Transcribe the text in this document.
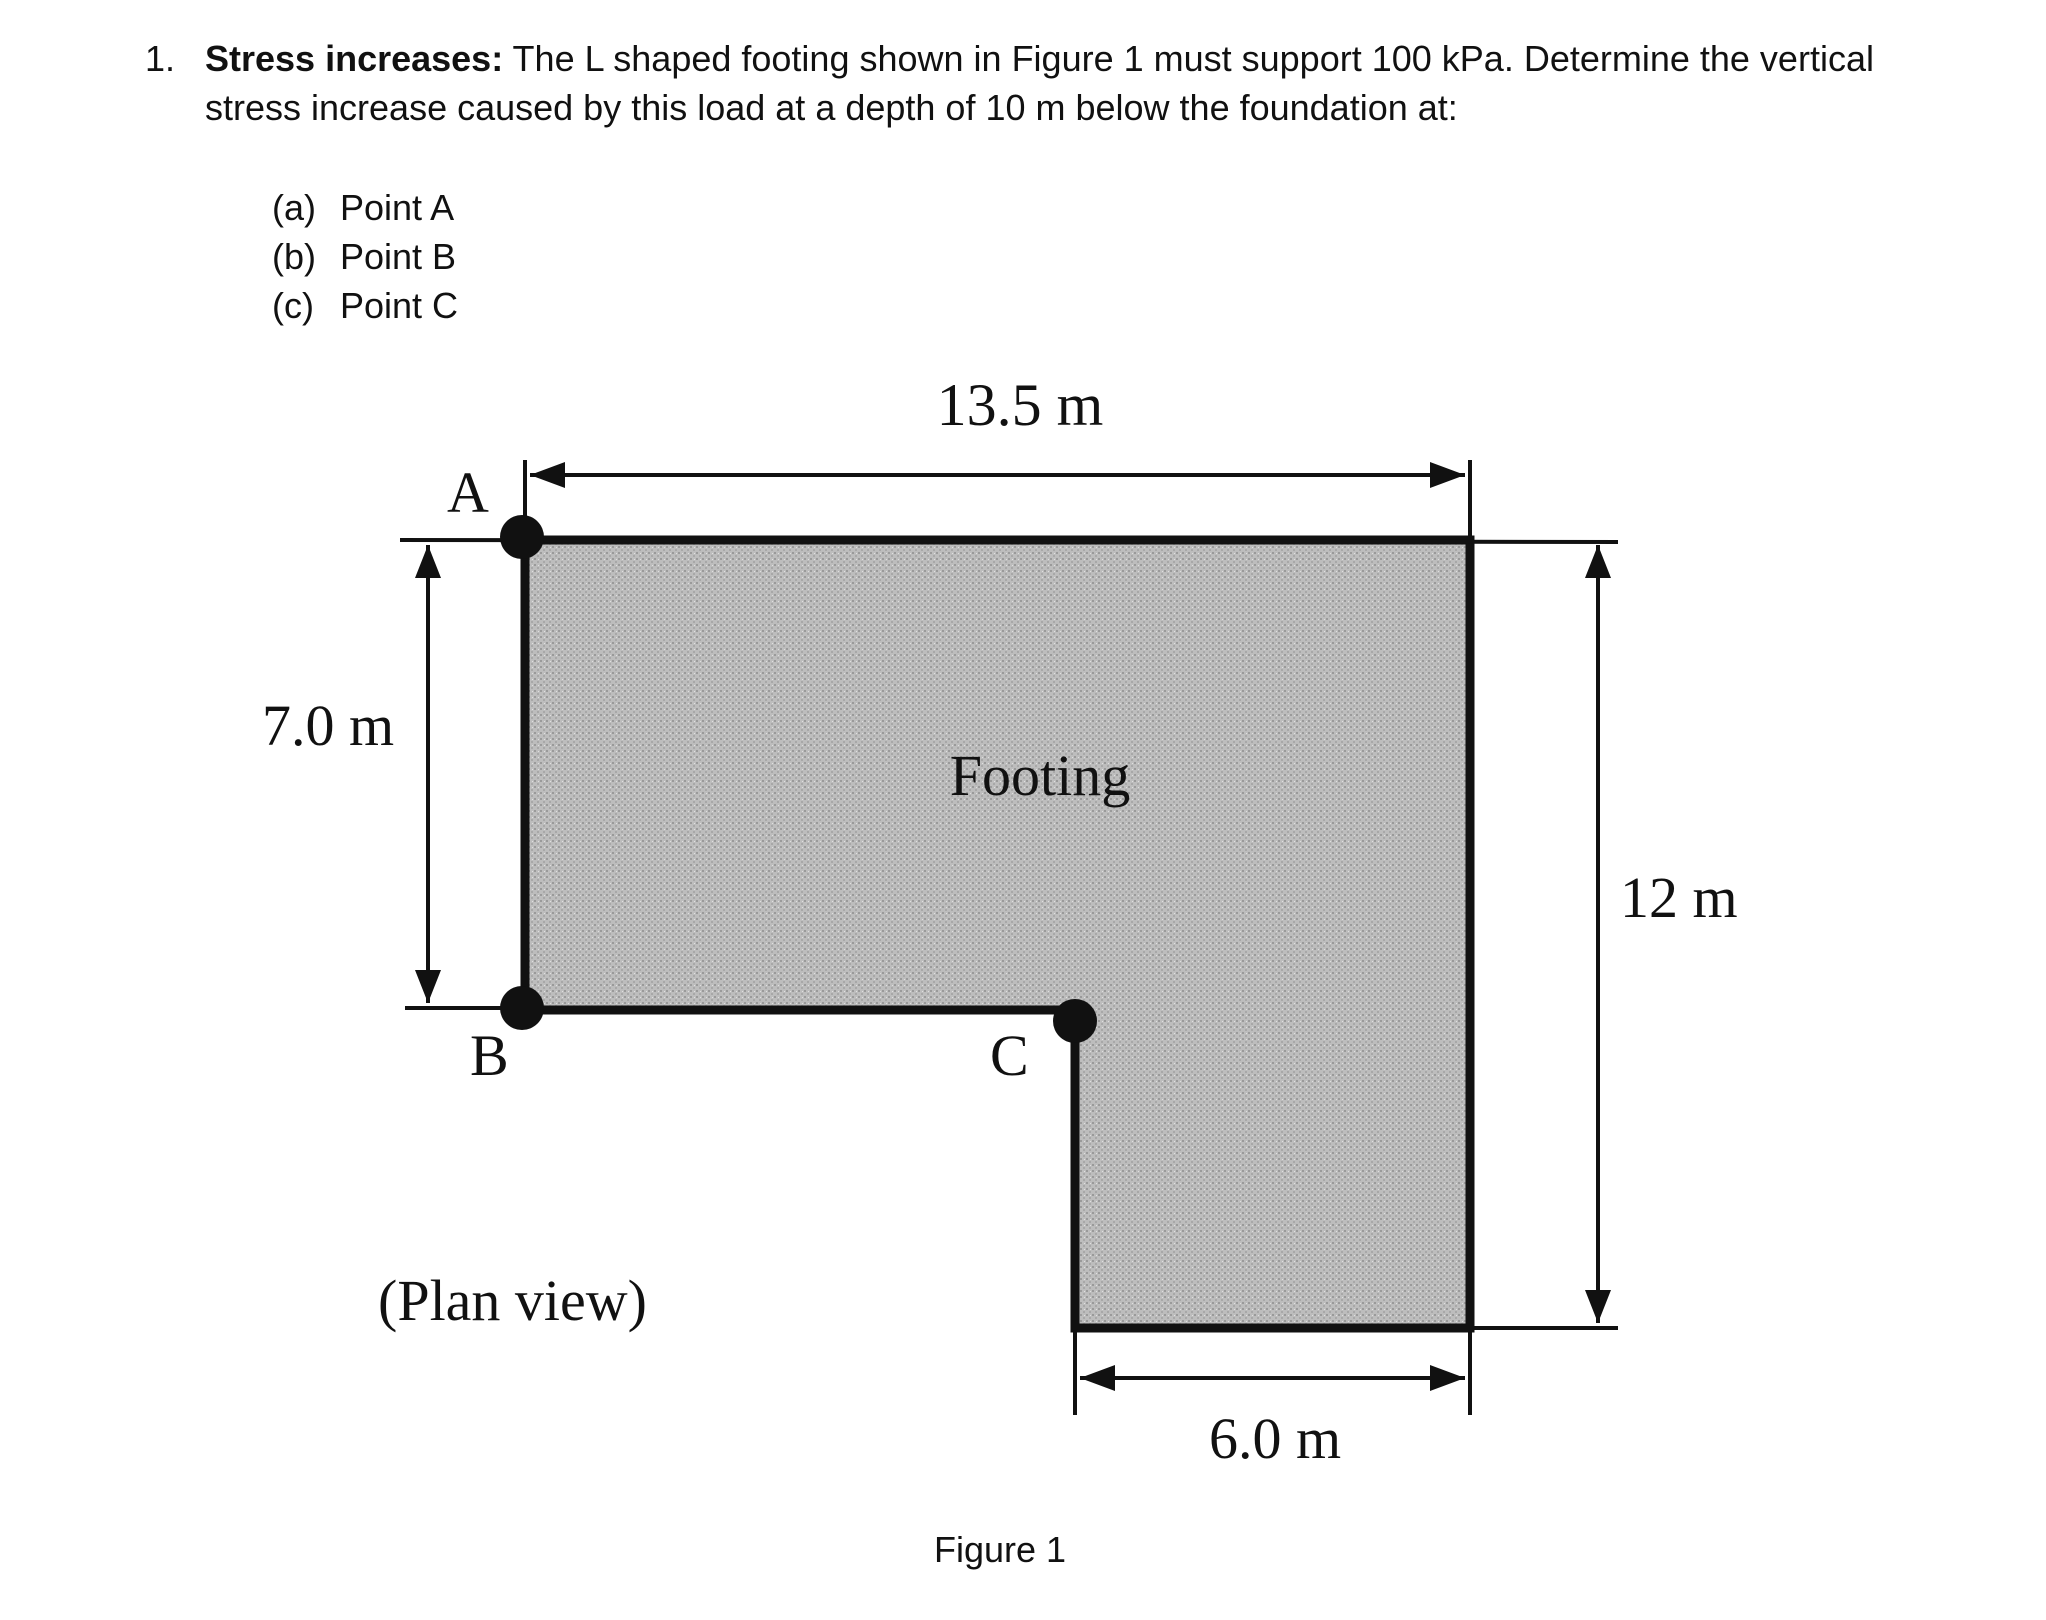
1. Stress increases: The L shaped footing shown in Figure 1 must support 100 kPa. Determine the vertical stress increase caused by this load at a depth of 10 m below the foundation at:
(a) Point A
(b) Point B
(c) Point C
13.5 m
7.0 m
12 m
6.0 m
Footing
A
B	C
(Plan view)
Figure 1
